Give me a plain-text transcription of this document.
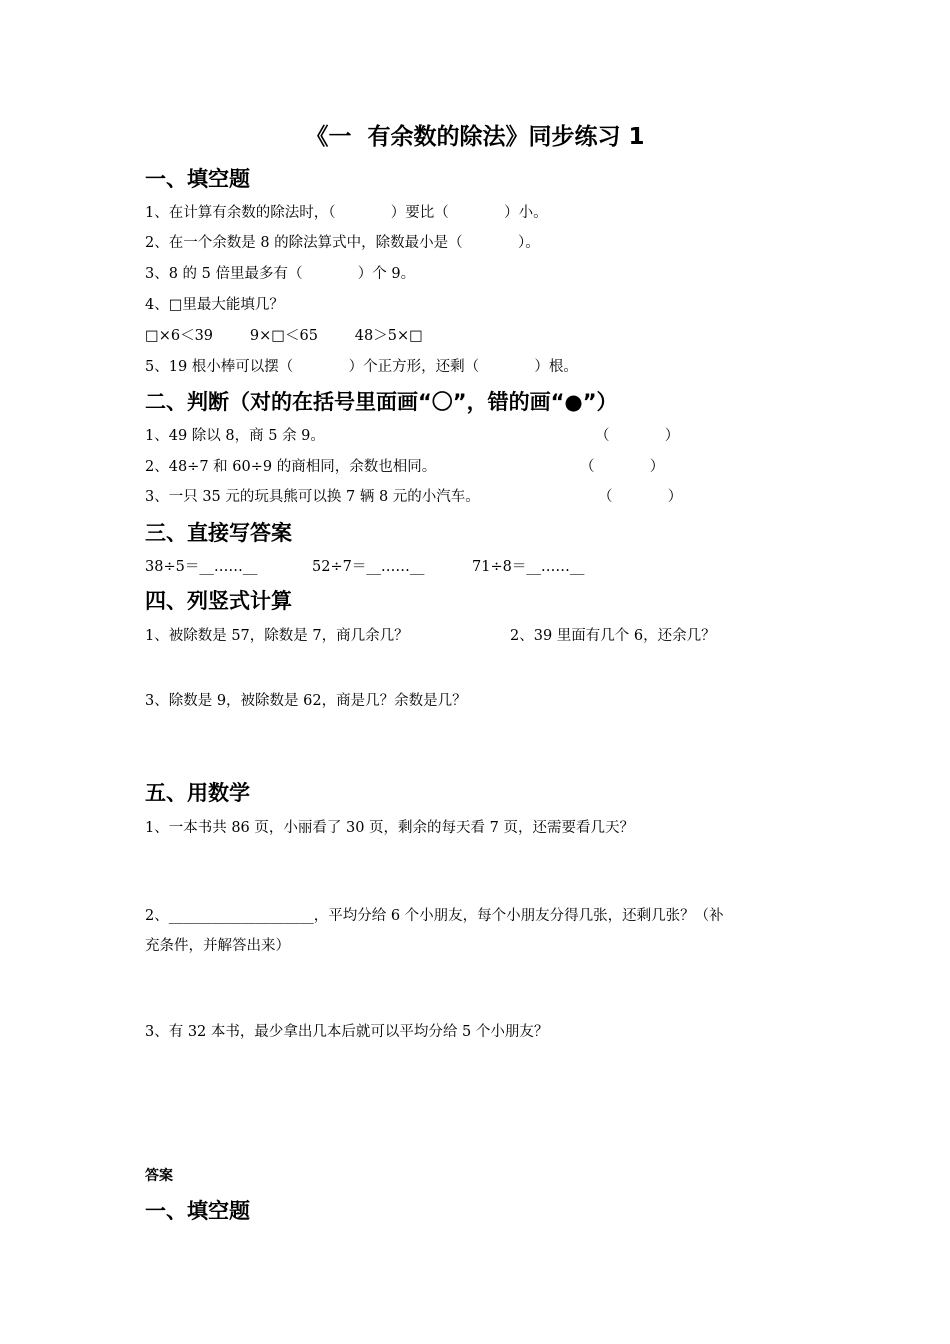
《一  有余数的除法》同步练习 1
一、填空题
1、在计算有余数的除法时，（            ）要比（            ）小。
2、在一个余数是 8 的除法算式中，除数最小是（            ）。
3、8 的 5 倍里最多有（            ）个 9。
4、□里最大能填几？
□×6＜39        9×□＜65        48＞5×□
5、19 根小棒可以摆（            ）个正方形，还剩（            ）根。
二、判断（对的在括号里面画“〇”，错的画“●”）
1、49 除以 8，商 5 余 9。	（            ）
2、48÷7 和 60÷9 的商相同，余数也相同。	（            ）
3、一只 35 元的玩具熊可以换 7 辆 8 元的小汽车。	（            ）
三、直接写答案
38÷5＝__……__	52÷7＝__……__	71÷8＝__……__
四、列竖式计算
1、被除数是 57，除数是 7，商几余几？	2、39 里面有几个 6，还余几？
3、除数是 9，被除数是 62，商是几？余数是几？
五、用数学
1、一本书共 86 页，小丽看了 30 页，剩余的每天看 7 页，还需要看几天？
2、____________________，平均分给 6 个小朋友，每个小朋友分得几张，还剩几张？（补
充条件，并解答出来）
3、有 32 本书，最少拿出几本后就可以平均分给 5 个小朋友？
答案
一、填空题
